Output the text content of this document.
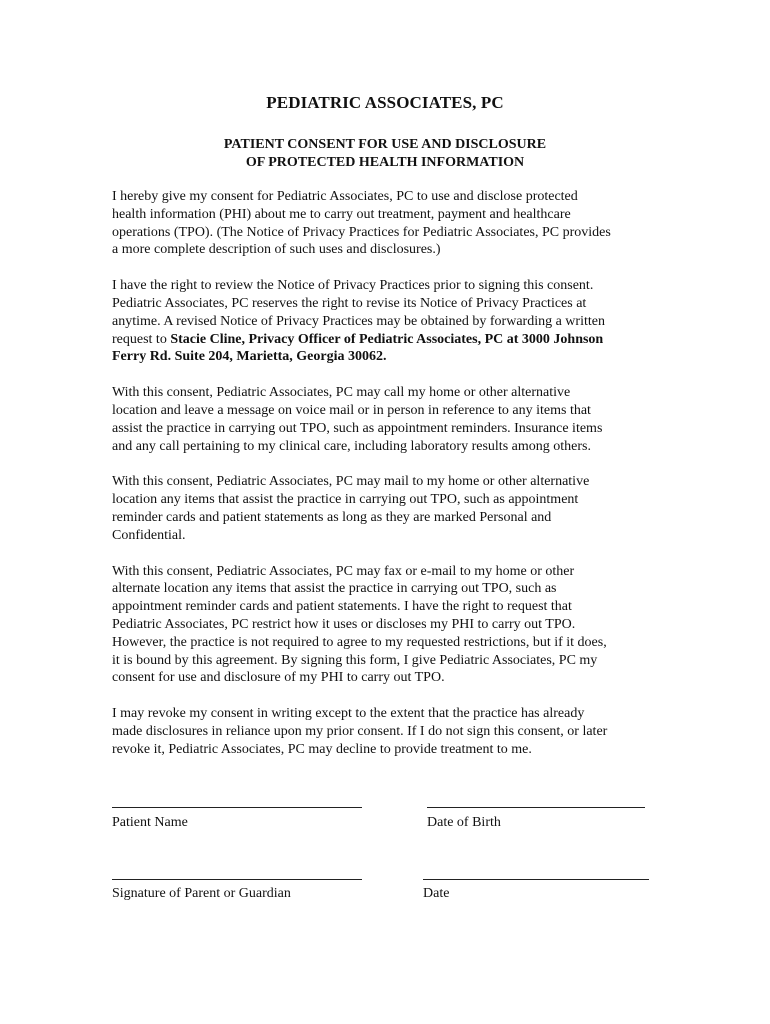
PEDIATRIC ASSOCIATES, PC
PATIENT CONSENT FOR USE AND DISCLOSURE
OF PROTECTED HEALTH INFORMATION

I hereby give my consent for Pediatric Associates, PC to use and disclose protected
health information (PHI) about me to carry out treatment, payment and healthcare
operations (TPO). (The Notice of Privacy Practices for Pediatric Associates, PC provides
a more complete description of such uses and disclosures.)

I have the right to review the Notice of Privacy Practices prior to signing this consent.
Pediatric Associates, PC reserves the right to revise its Notice of Privacy Practices at
anytime. A revised Notice of Privacy Practices may be obtained by forwarding a written
request to Stacie Cline, Privacy Officer of Pediatric Associates, PC at 3000 Johnson
Ferry Rd. Suite 204, Marietta, Georgia 30062.

With this consent, Pediatric Associates, PC may call my home or other alternative
location and leave a message on voice mail or in person in reference to any items that
assist the practice in carrying out TPO, such as appointment reminders. Insurance items
and any call pertaining to my clinical care, including laboratory results among others.

With this consent, Pediatric Associates, PC may mail to my home or other alternative
location any items that assist the practice in carrying out TPO, such as appointment
reminder cards and patient statements as long as they are marked Personal and
Confidential.

With this consent, Pediatric Associates, PC may fax or e-mail to my home or other
alternate location any items that assist the practice in carrying out TPO, such as
appointment reminder cards and patient statements. I have the right to request that
Pediatric Associates, PC restrict how it uses or discloses my PHI to carry out TPO.
However, the practice is not required to agree to my requested restrictions, but if it does,
it is bound by this agreement. By signing this form, I give Pediatric Associates, PC my
consent for use and disclosure of my PHI to carry out TPO.

I may revoke my consent in writing except to the extent that the practice has already
made disclosures in reliance upon my prior consent. If I do not sign this consent, or later
revoke it, Pediatric Associates, PC may decline to provide treatment to me.

Patient Name	Date of Birth
Signature of Parent or Guardian	Date
